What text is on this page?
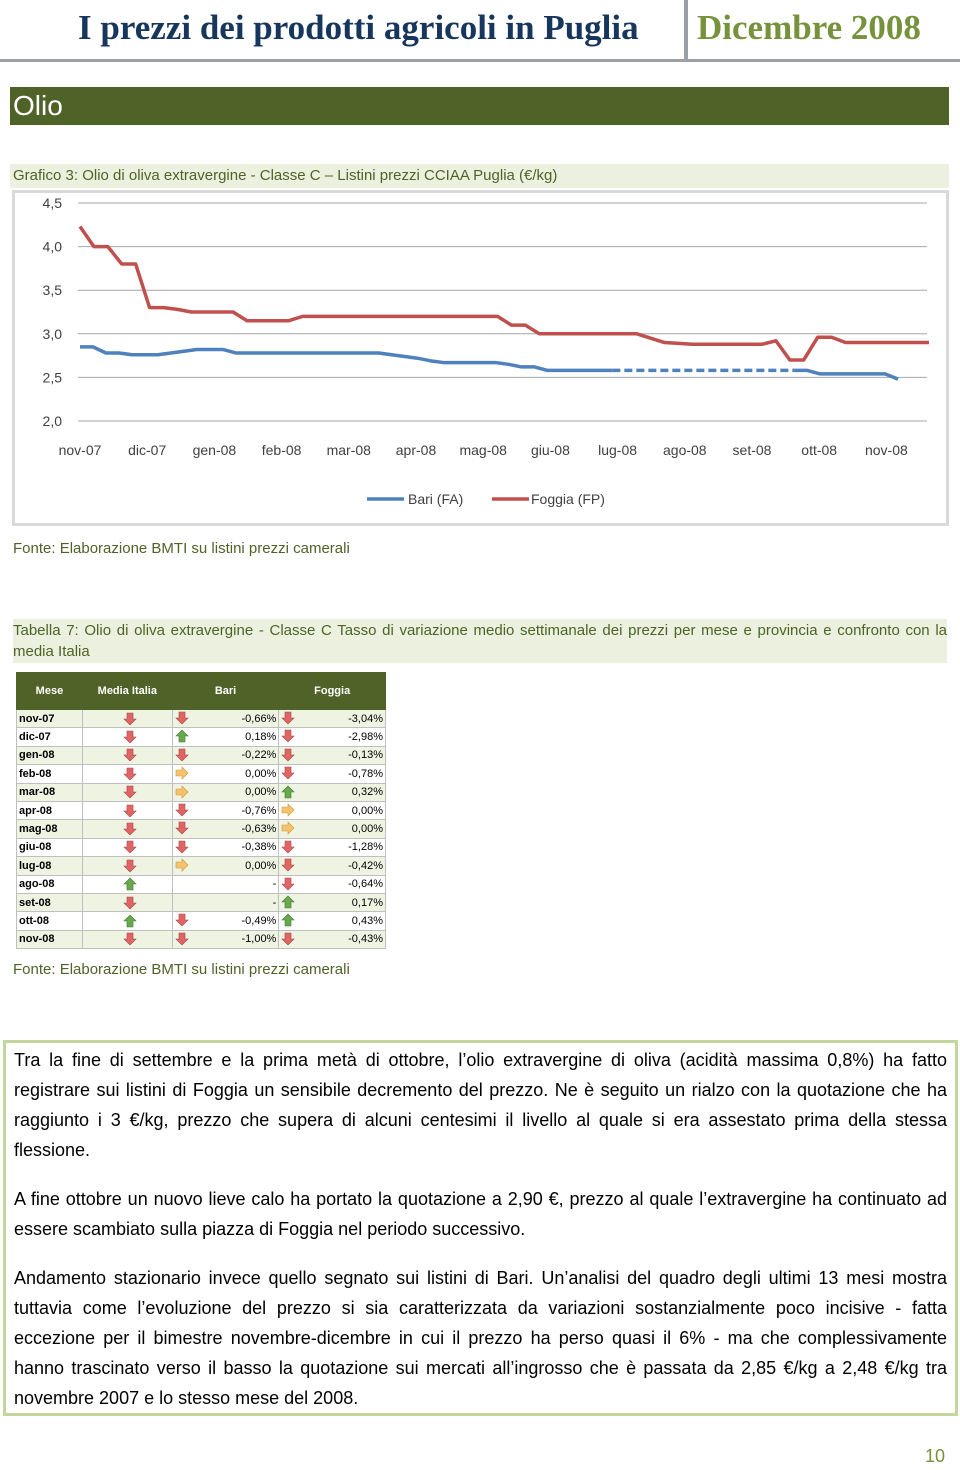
I prezzi dei prodotti agricoli in Puglia Dicembre 2008
Olio
Grafico 3: Olio di oliva extravergine - Classe C – Listini prezzi CCIAA Puglia (€/kg)
4,5
4,0
3,5
3,0
2,5
2,0
nov-07 dic-07 gen-08 feb-08 mar-08 apr-08 mag-08 giu-08 lug-08 ago-08 set-08 ott-08 nov-08
Bari (FA)	Foggia (FP)
Fonte: Elaborazione BMTI su listini prezzi camerali
Tabella 7: Olio di oliva extravergine - Classe C Tasso di variazione medio settimanale dei prezzi per mese e provincia e confronto con la media Italia
Mese	Media Italia	Bari	Foggia
nov-07		-0,66%	-3,04%
dic-07		0,18%	-2,98%
gen-08		-0,22%	-0,13%
feb-08		0,00%	-0,78%
mar-08		0,00%	0,32%
apr-08		-0,76%	0,00%
mag-08		-0,63%	0,00%
giu-08		-0,38%	-1,28%
lug-08		0,00%	-0,42%
ago-08		-	-0,64%
set-08		-	0,17%
ott-08		-0,49%	0,43%
nov-08		-1,00%	-0,43%
Fonte: Elaborazione BMTI su listini prezzi camerali

Tra la fine di settembre e la prima metà di ottobre, l’olio extravergine di oliva (acidità massima 0,8%) ha fatto registrare sui listini di Foggia un sensibile decremento del prezzo. Ne è seguito un rialzo con la quotazione che ha raggiunto i 3 €/kg, prezzo che supera di alcuni centesimi il livello al quale si era assestato prima della stessa flessione.

A fine ottobre un nuovo lieve calo ha portato la quotazione a 2,90 €, prezzo al quale l’extravergine ha continuato ad essere scambiato sulla piazza di Foggia nel periodo successivo.

Andamento stazionario invece quello segnato sui listini di Bari. Un’analisi del quadro degli ultimi 13 mesi mostra tuttavia come l’evoluzione del prezzo si sia caratterizzata da variazioni sostanzialmente poco incisive - fatta eccezione per il bimestre novembre-dicembre in cui il prezzo ha perso quasi il 6% - ma che complessivamente hanno trascinato verso il basso la quotazione sui mercati all’ingrosso che è passata da 2,85 €/kg a 2,48 €/kg tra novembre 2007 e lo stesso mese del 2008.

10
